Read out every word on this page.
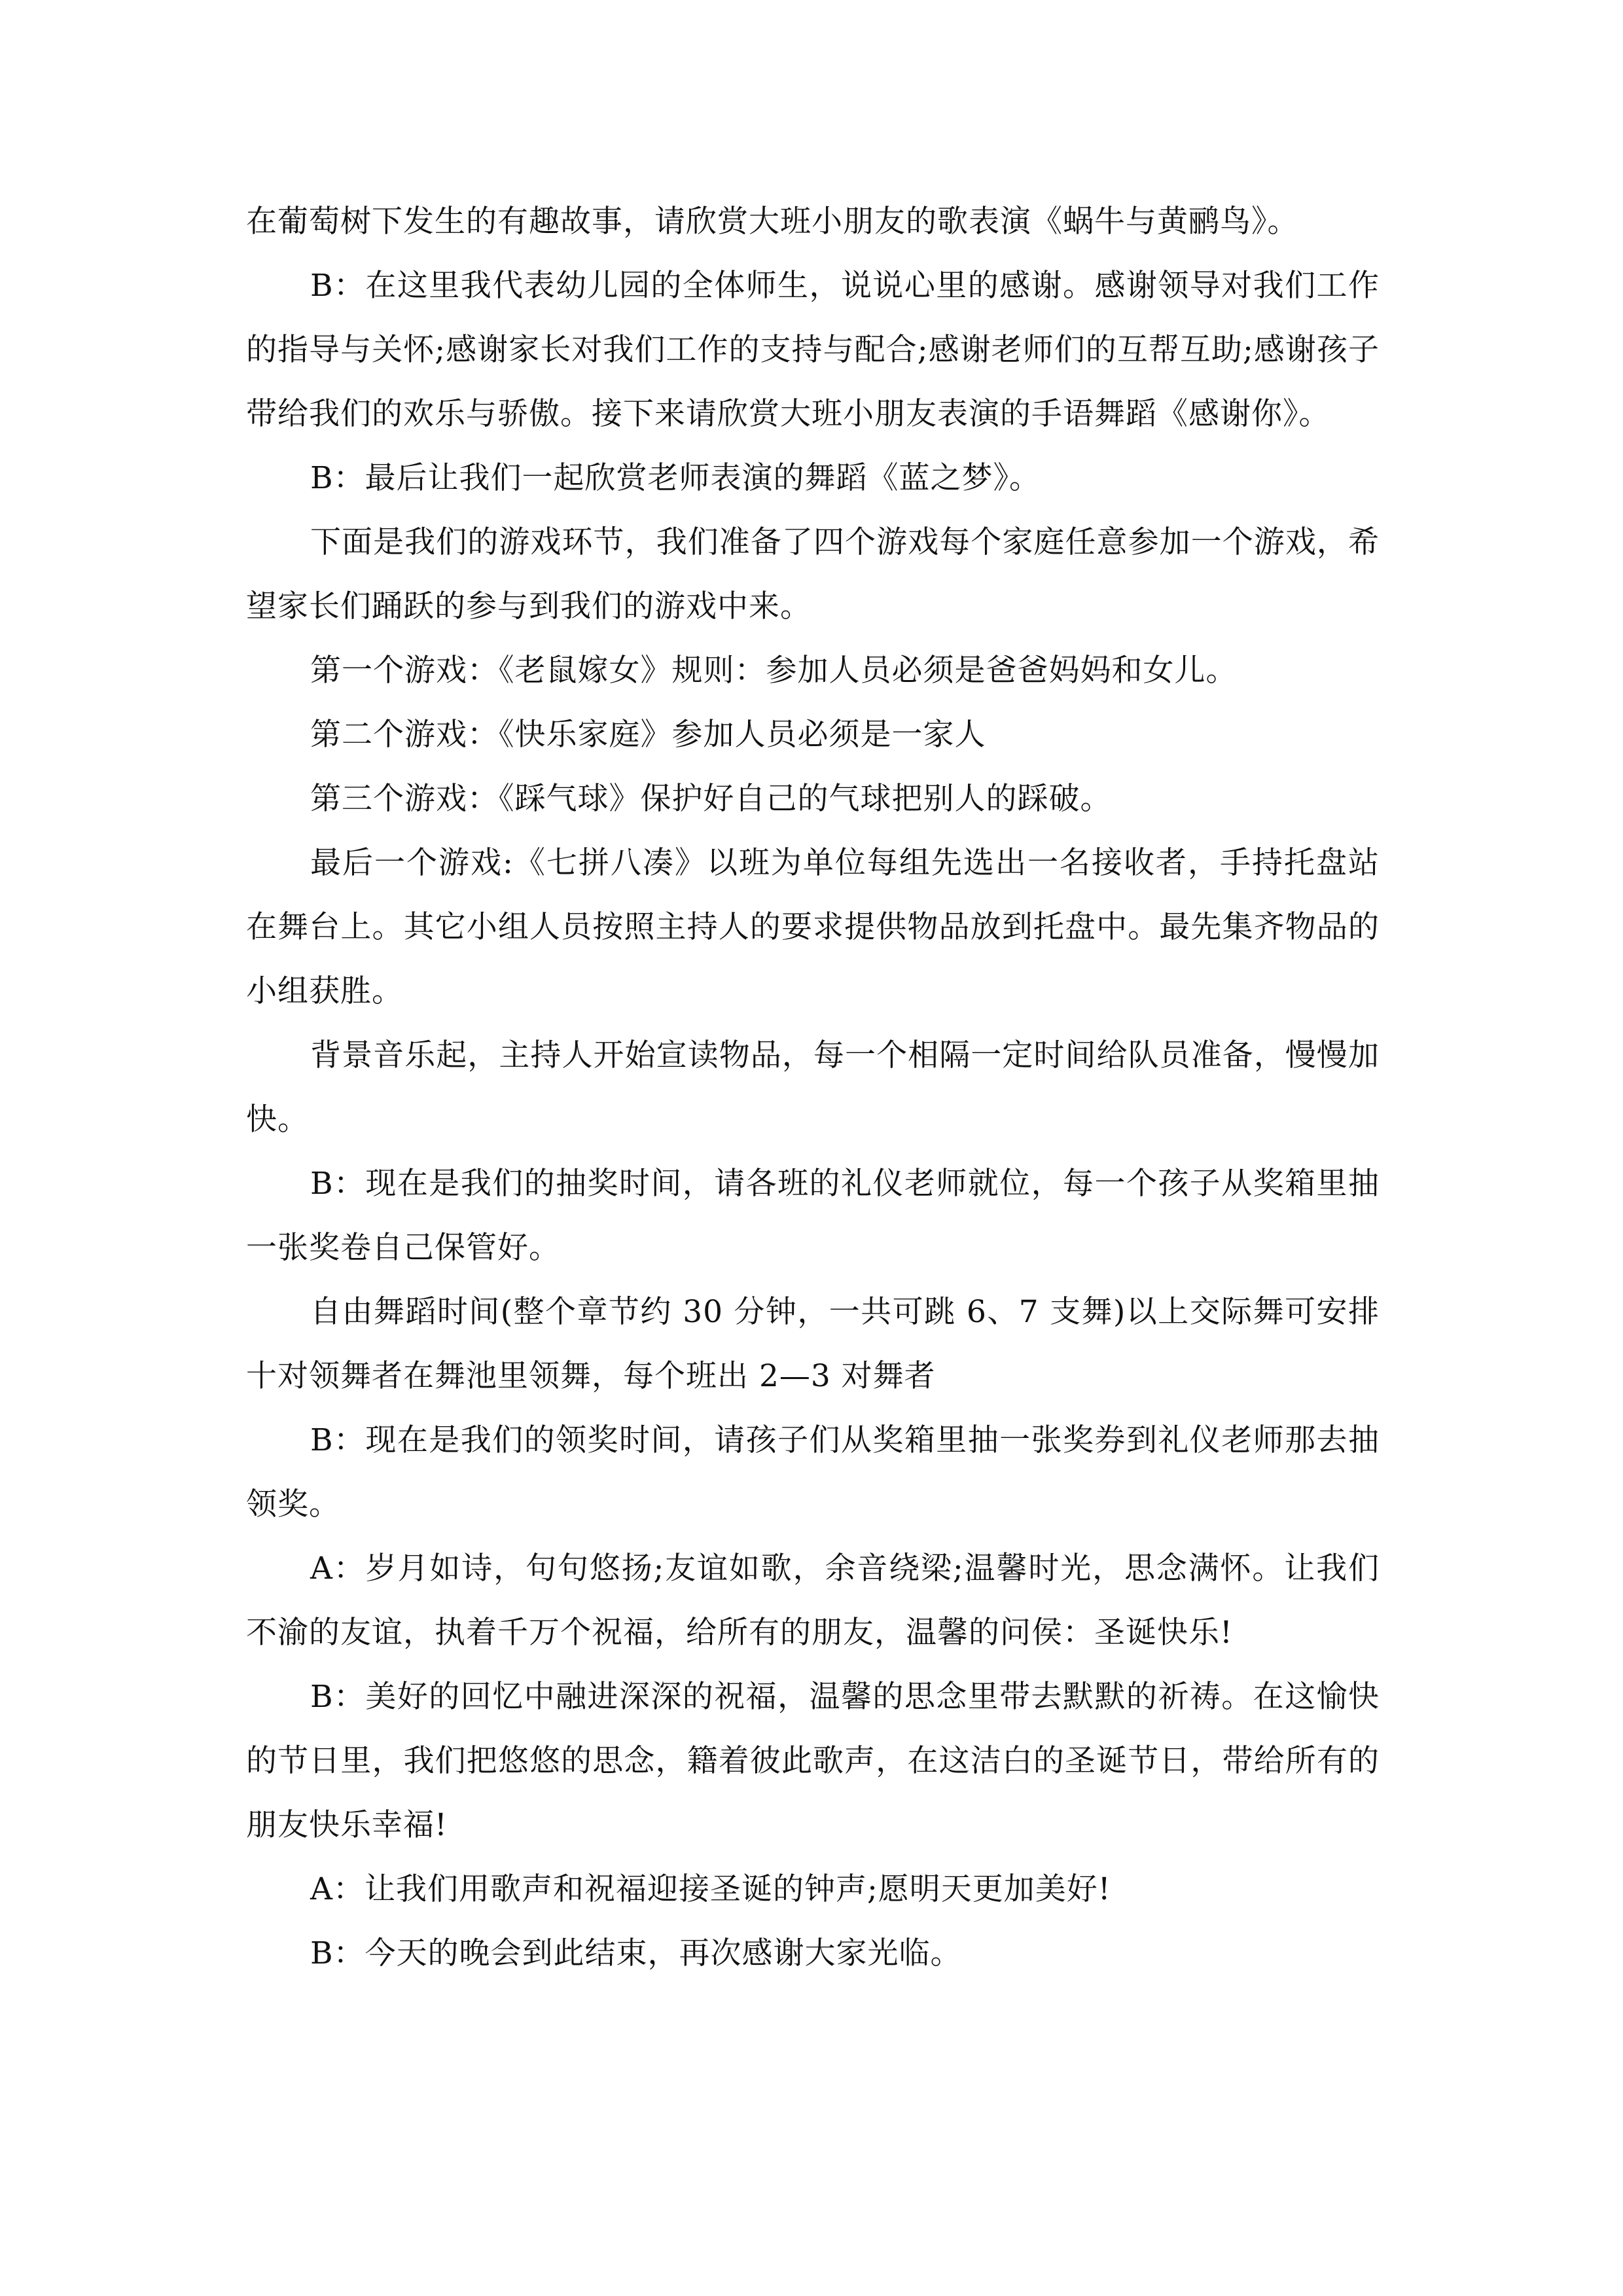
在葡萄树下发生的有趣故事，请欣赏大班小朋友的歌表演《蜗牛与黄鹂鸟》。

B：在这里我代表幼儿园的全体师生，说说心里的感谢。感谢领导对我们工作的指导与关怀;感谢家长对我们工作的支持与配合;感谢老师们的互帮互助;感谢孩子带给我们的欢乐与骄傲。接下来请欣赏大班小朋友表演的手语舞蹈《感谢你》。

B：最后让我们一起欣赏老师表演的舞蹈《蓝之梦》。

下面是我们的游戏环节，我们准备了四个游戏每个家庭任意参加一个游戏，希望家长们踊跃的参与到我们的游戏中来。

第一个游戏：《老鼠嫁女》规则：参加人员必须是爸爸妈妈和女儿。

第二个游戏：《快乐家庭》参加人员必须是一家人

第三个游戏：《踩气球》保护好自己的气球把别人的踩破。

最后一个游戏:《七拼八凑》以班为单位每组先选出一名接收者，手持托盘站在舞台上。其它小组人员按照主持人的要求提供物品放到托盘中。最先集齐物品的小组获胜。

背景音乐起，主持人开始宣读物品，每一个相隔一定时间给队员准备，慢慢加快。

B：现在是我们的抽奖时间，请各班的礼仪老师就位，每一个孩子从奖箱里抽一张奖卷自己保管好。

自由舞蹈时间(整个章节约 30 分钟，一共可跳 6、7 支舞)以上交际舞可安排十对领舞者在舞池里领舞，每个班出 2—3 对舞者

B：现在是我们的领奖时间，请孩子们从奖箱里抽一张奖券到礼仪老师那去抽领奖。

A：岁月如诗，句句悠扬;友谊如歌，余音绕梁;温馨时光，思念满怀。让我们不渝的友谊，执着千万个祝福，给所有的朋友，温馨的问侯：圣诞快乐!

B：美好的回忆中融进深深的祝福，温馨的思念里带去默默的祈祷。在这愉快的节日里，我们把悠悠的思念，籍着彼此歌声，在这洁白的圣诞节日，带给所有的朋友快乐幸福!

A：让我们用歌声和祝福迎接圣诞的钟声;愿明天更加美好!

B：今天的晚会到此结束，再次感谢大家光临。
